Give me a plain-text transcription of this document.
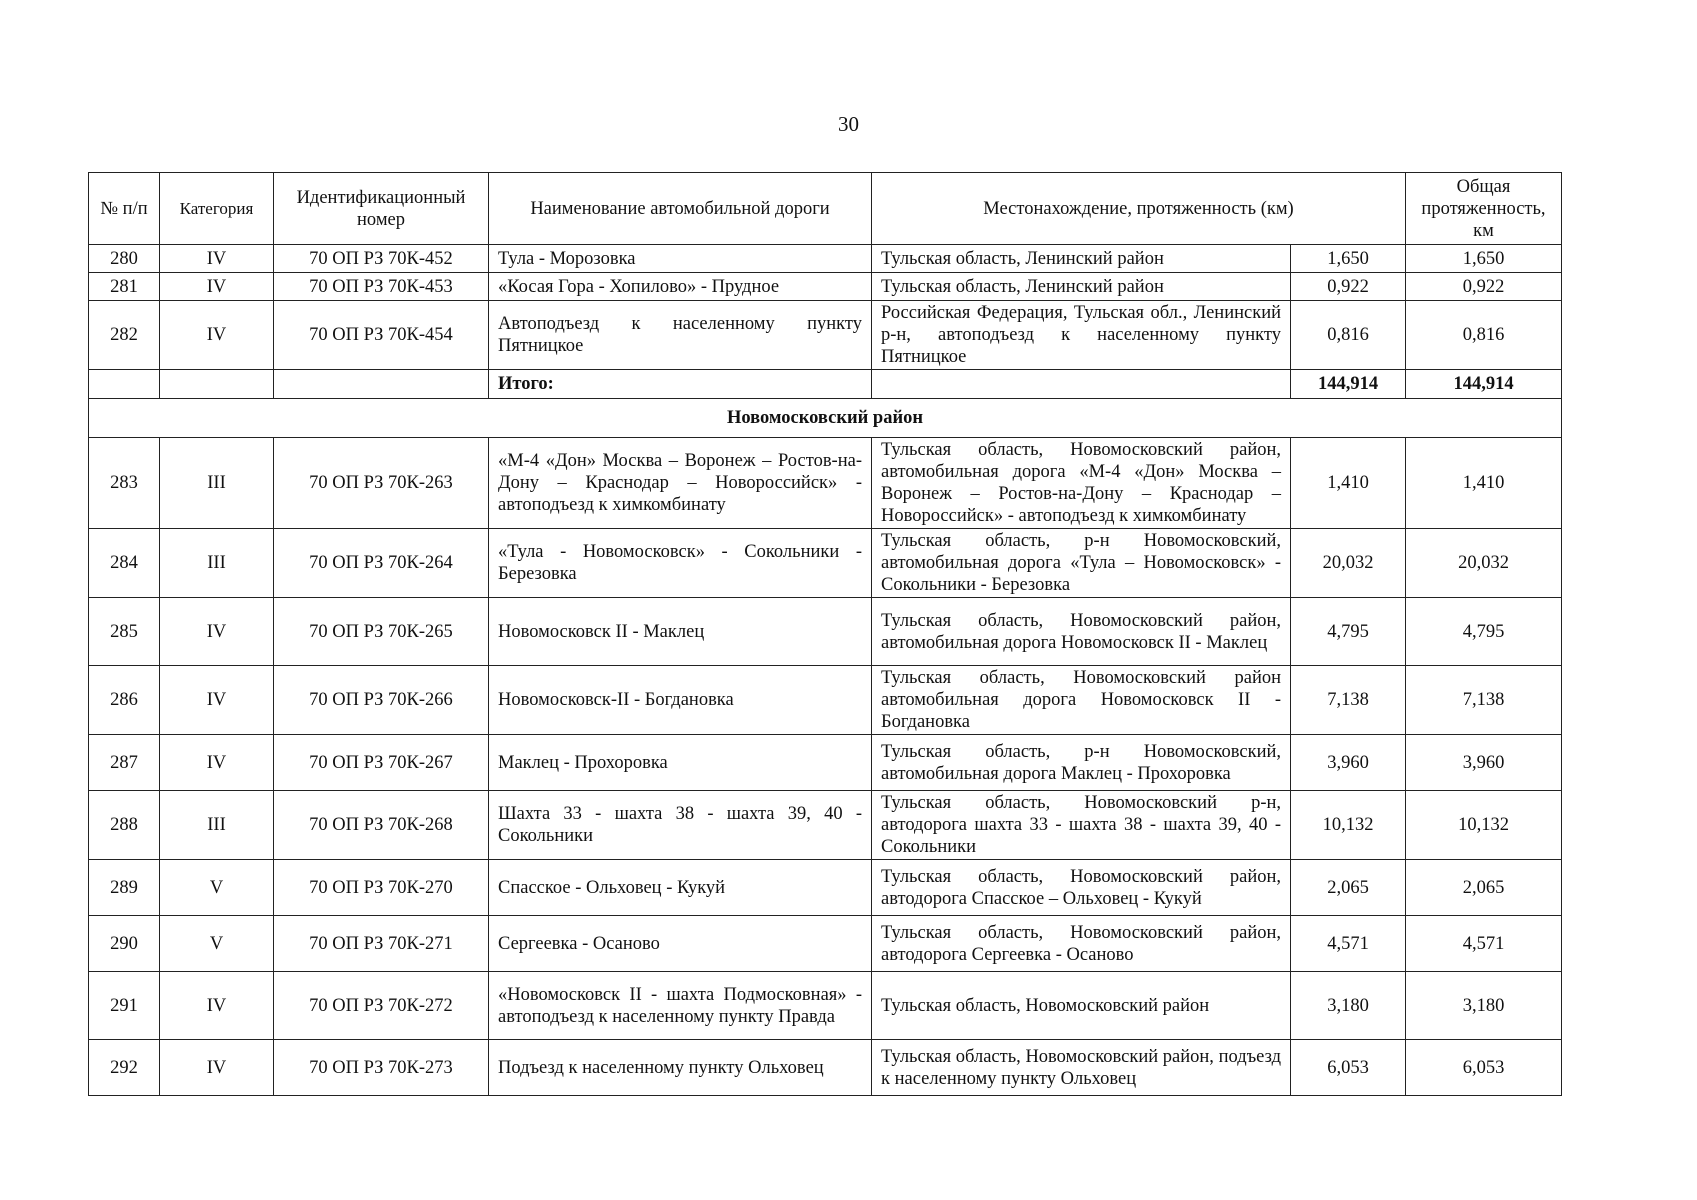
30
№ п/п	Категория	Идентификационный номер	Наименование автомобильной дороги	Местонахождение, протяженность (км)		Общая протяженность, км
280	IV	70 ОП РЗ 70К-452	Тула - Морозовка	Тульская область, Ленинский район	1,650	1,650
281	IV	70 ОП РЗ 70К-453	«Косая Гора - Хопилово» - Прудное	Тульская область, Ленинский район	0,922	0,922
282	IV	70 ОП РЗ 70К-454	Автоподъезд к населенному пункту Пятницкое	Российская Федерация, Тульская обл., Ленинский р-н, автоподъезд к населенному пункту Пятницкое	0,816	0,816
			Итого:		144,914	144,914
Новомосковский район						
283	III	70 ОП РЗ 70К-263	«М-4 «Дон» Москва – Воронеж – Ростов-на-Дону – Краснодар – Новороссийск» - автоподъезд к химкомбинату	Тульская область, Новомосковский район, автомобильная дорога «М-4 «Дон» Москва – Воронеж – Ростов-на-Дону – Краснодар – Новороссийск» - автоподъезд к химкомбинату	1,410	1,410
284	III	70 ОП РЗ 70К-264	«Тула - Новомосковск» - Сокольники - Березовка	Тульская область, р-н Новомосковский, автомобильная дорога «Тула – Новомосковск» - Сокольники - Березовка	20,032	20,032
285	IV	70 ОП РЗ 70К-265	Новомосковск II - Маклец	Тульская область, Новомосковский район, автомобильная дорога Новомосковск II - Маклец	4,795	4,795
286	IV	70 ОП РЗ 70К-266	Новомосковск-II - Богдановка	Тульская область, Новомосковский район автомобильная дорога Новомосковск II - Богдановка	7,138	7,138
287	IV	70 ОП РЗ 70К-267	Маклец - Прохоровка	Тульская область, р-н Новомосковский, автомобильная дорога Маклец - Прохоровка	3,960	3,960
288	III	70 ОП РЗ 70К-268	Шахта 33 - шахта 38 - шахта 39, 40 - Сокольники	Тульская область, Новомосковский р-н, автодорога шахта 33 - шахта 38 - шахта 39, 40 - Сокольники	10,132	10,132
289	V	70 ОП РЗ 70К-270	Спасское - Ольховец - Кукуй	Тульская область, Новомосковский район, автодорога Спасское – Ольховец - Кукуй	2,065	2,065
290	V	70 ОП РЗ 70К-271	Сергеевка - Осаново	Тульская область, Новомосковский район, автодорога Сергеевка - Осаново	4,571	4,571
291	IV	70 ОП РЗ 70К-272	«Новомосковск II - шахта Подмосковная» - автоподъезд к населенному пункту Правда	Тульская область, Новомосковский район	3,180	3,180
292	IV	70 ОП РЗ 70К-273	Подъезд к населенному пункту Ольховец	Тульская область, Новомосковский район, подъезд к населенному пункту Ольховец	6,053	6,053
